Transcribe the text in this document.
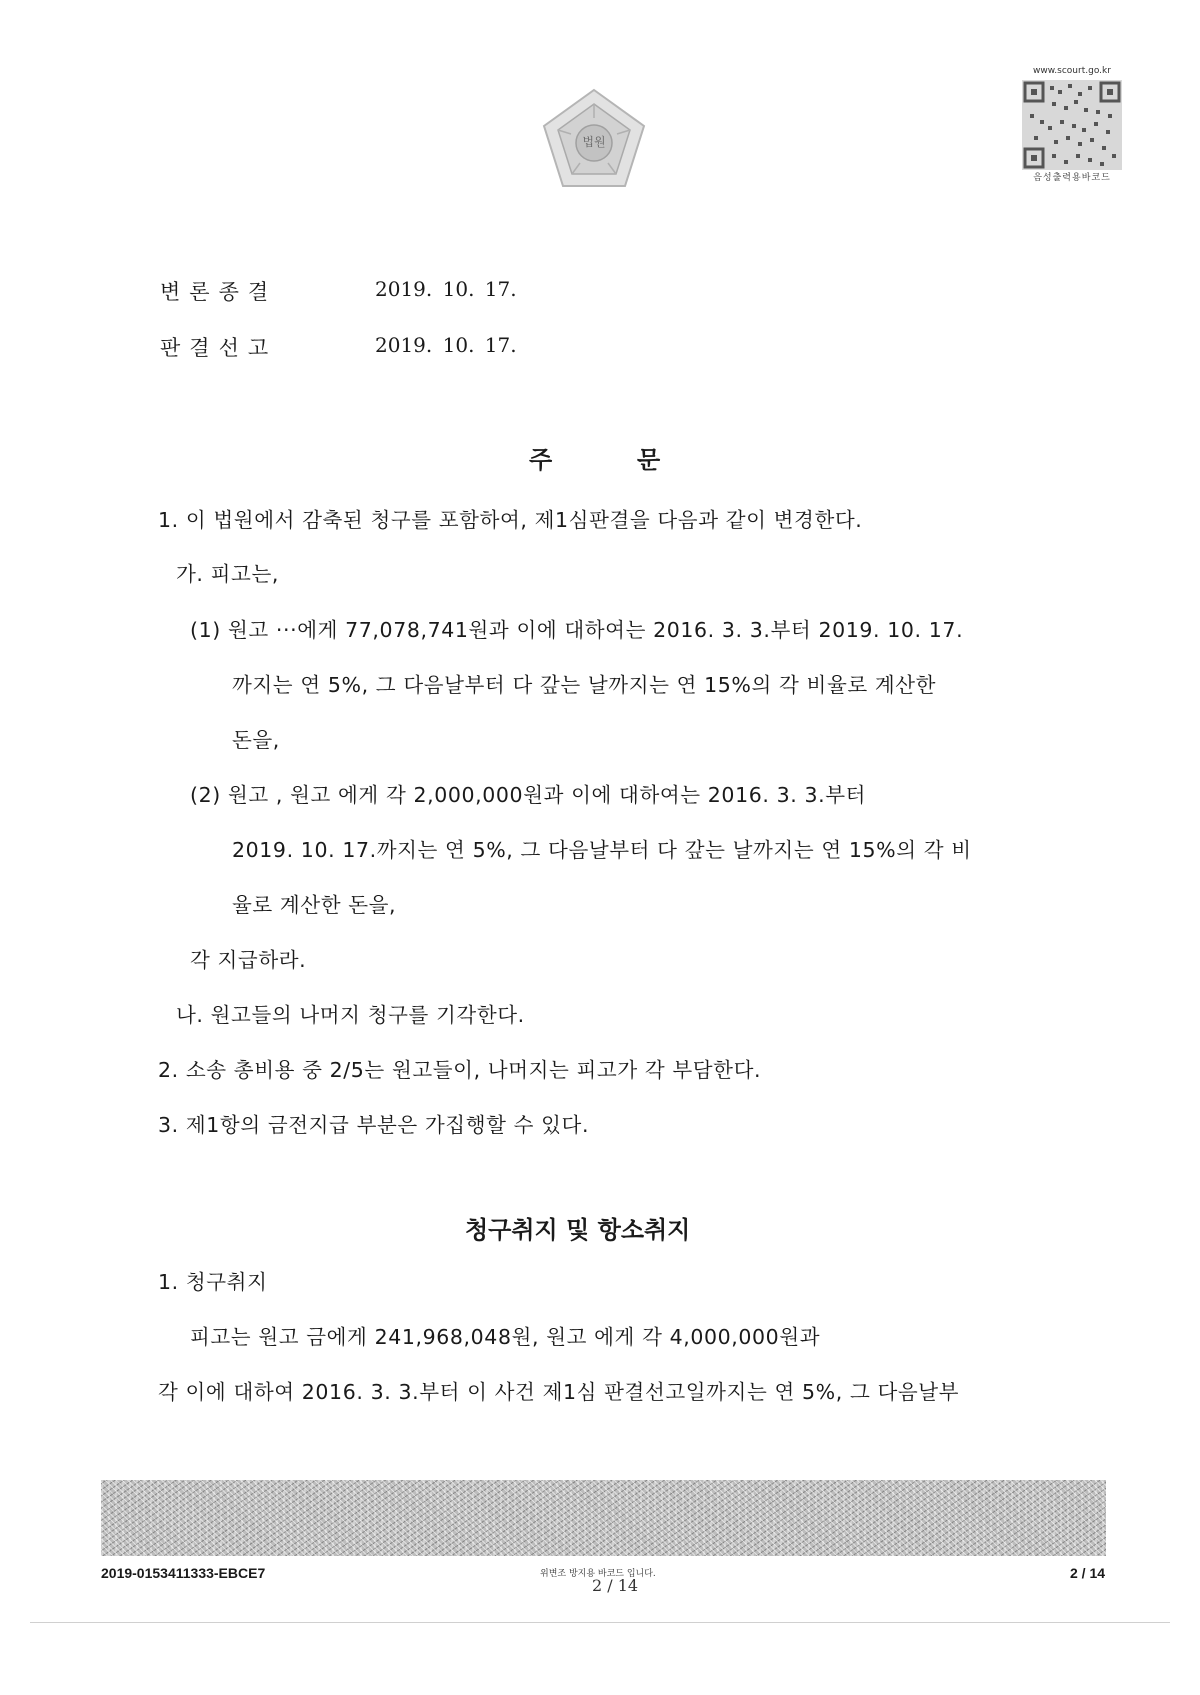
법원
www.scourt.go.kr
음성출력용바코드
변론종결	2019. 10. 17.
판결선고	2019. 10. 17.
주	문
1. 이 법원에서 감축된 청구를 포함하여, 제1심판결을 다음과 같이 변경한다.
가. 피고는,
(1) 원고 ···에게 77,078,741원과 이에 대하여는 2016. 3. 3.부터 2019. 10. 17.
까지는 연 5%, 그 다음날부터 다 갚는 날까지는 연 15%의 각 비율로 계산한
돈을,
(2) 원고 , 원고 에게 각 2,000,000원과 이에 대하여는 2016. 3. 3.부터
2019. 10. 17.까지는 연 5%, 그 다음날부터 다 갚는 날까지는 연 15%의 각 비
율로 계산한 돈을,
각 지급하라.
나. 원고들의 나머지 청구를 기각한다.
2. 소송 총비용 중 2/5는 원고들이, 나머지는 피고가 각 부담한다.
3. 제1항의 금전지급 부분은 가집행할 수 있다.
청구취지 및 항소취지
1. 청구취지
피고는 원고 금에게 241,968,048원, 원고 에게 각 4,000,000원과
각 이에 대하여 2016. 3. 3.부터 이 사건 제1심 판결선고일까지는 연 5%, 그 다음날부
2019-0153411333-EBCE7	위변조 방지용 바코드 입니다.
2 / 14
2 / 14
